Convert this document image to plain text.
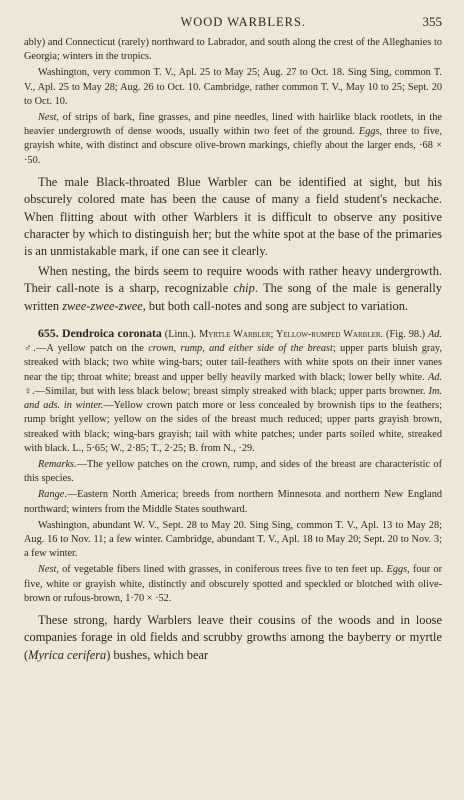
WOOD WARBLERS.	355

ably) and Connecticut (rarely) northward to Labrador, and south along the crest of the Alleghanies to Georgia; winters in the tropics.

Washington, very common T. V., Apl. 25 to May 25; Aug. 27 to Oct. 18. Sing Sing, common T. V., Apl. 25 to May 28; Aug. 26 to Oct. 10. Cambridge, rather common T. V., May 10 to 25; Sept. 20 to Oct. 10.

Nest, of strips of bark, fine grasses, and pine needles, lined with hairlike black rootlets, in the heavier undergrowth of dense woods, usually within two feet of the ground. Eggs, three to five, grayish white, with distinct and obscure olive-brown markings, chiefly about the larger ends, ·68 × ·50.

The male Black-throated Blue Warbler can be identified at sight, but his obscurely colored mate has been the cause of many a field student's neckache. When flitting about with other Warblers it is difficult to observe any positive character by which to distinguish her; but the white spot at the base of the primaries is an unmistakable mark, if one can see it clearly.

When nesting, the birds seem to require woods with rather heavy undergrowth. Their call-note is a sharp, recognizable chip. The song of the male is generally written zwee-zwee-zwee, but both call-notes and song are subject to variation.

655. Dendroica coronata (Linn.). Myrtle Warbler; Yellow-rumped Warbler. (Fig. 98.) Ad. ♂.—A yellow patch on the crown, rump, and either side of the breast; upper parts bluish gray, streaked with black; two white wing-bars; outer tail-feathers with white spots on their inner vanes near the tip; throat white; breast and upper belly heavily marked with black; lower belly white. Ad. ♀.—Similar, but with less black below; breast simply streaked with black; upper parts browner. Im. and ads. in winter.—Yellow crown patch more or less concealed by brownish tips to the feathers; rump bright yellow; yellow on the sides of the breast much reduced; upper parts grayish brown, streaked with black; wing-bars grayish; tail with white patches; under parts soiled white, streaked with black. L., 5·65; W., 2·85; T., 2·25; B. from N., ·29.

Remarks.—The yellow patches on the crown, rump, and sides of the breast are characteristic of this species.

Range.—Eastern North America; breeds from northern Minnesota and northern New England northward; winters from the Middle States southward.

Washington, abundant W. V., Sept. 28 to May 20. Sing Sing, common T. V., Apl. 13 to May 28; Aug. 16 to Nov. 11; a few winter. Cambridge, abundant T. V., Apl. 18 to May 20; Sept. 20 to Nov. 3; a few winter.

Nest, of vegetable fibers lined with grasses, in coniferous trees five to ten feet up. Eggs, four or five, white or grayish white, distinctly and obscurely spotted and speckled or blotched with olive-brown or rufous-brown, 1·70 × ·52.

These strong, hardy Warblers leave their cousins of the woods and in loose companies forage in old fields and scrubby growths among the bayberry or myrtle (Myrica cerifera) bushes, which bear
